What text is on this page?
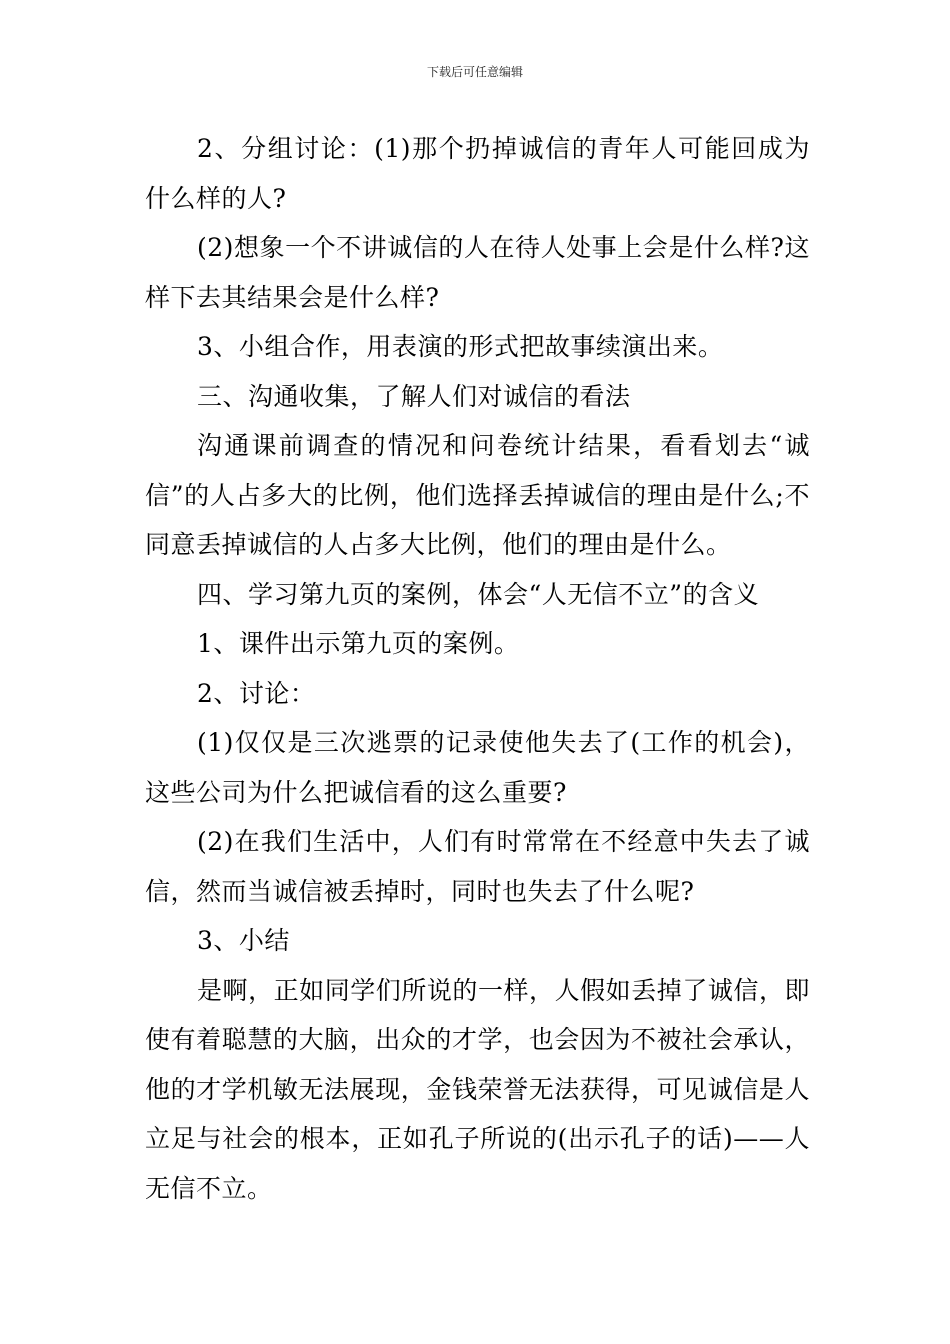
下载后可任意编辑

2、分组讨论：(1)那个扔掉诚信的青年人可能回成为什么样的人?

(2)想象一个不讲诚信的人在待人处事上会是什么样?这样下去其结果会是什么样?

3、小组合作，用表演的形式把故事续演出来。

三、沟通收集，了解人们对诚信的看法

沟通课前调查的情况和问卷统计结果，看看划去“诚信”的人占多大的比例，他们选择丢掉诚信的理由是什么;不同意丢掉诚信的人占多大比例，他们的理由是什么。

四、学习第九页的案例，体会“人无信不立”的含义

1、课件出示第九页的案例。

2、讨论：

(1)仅仅是三次逃票的记录使他失去了(工作的机会)，这些公司为什么把诚信看的这么重要?

(2)在我们生活中，人们有时常常在不经意中失去了诚信，然而当诚信被丢掉时，同时也失去了什么呢?

3、小结

是啊，正如同学们所说的一样，人假如丢掉了诚信，即使有着聪慧的大脑，出众的才学，也会因为不被社会承认，他的才学机敏无法展现，金钱荣誉无法获得，可见诚信是人立足与社会的根本，正如孔子所说的(出示孔子的话)——人无信不立。
